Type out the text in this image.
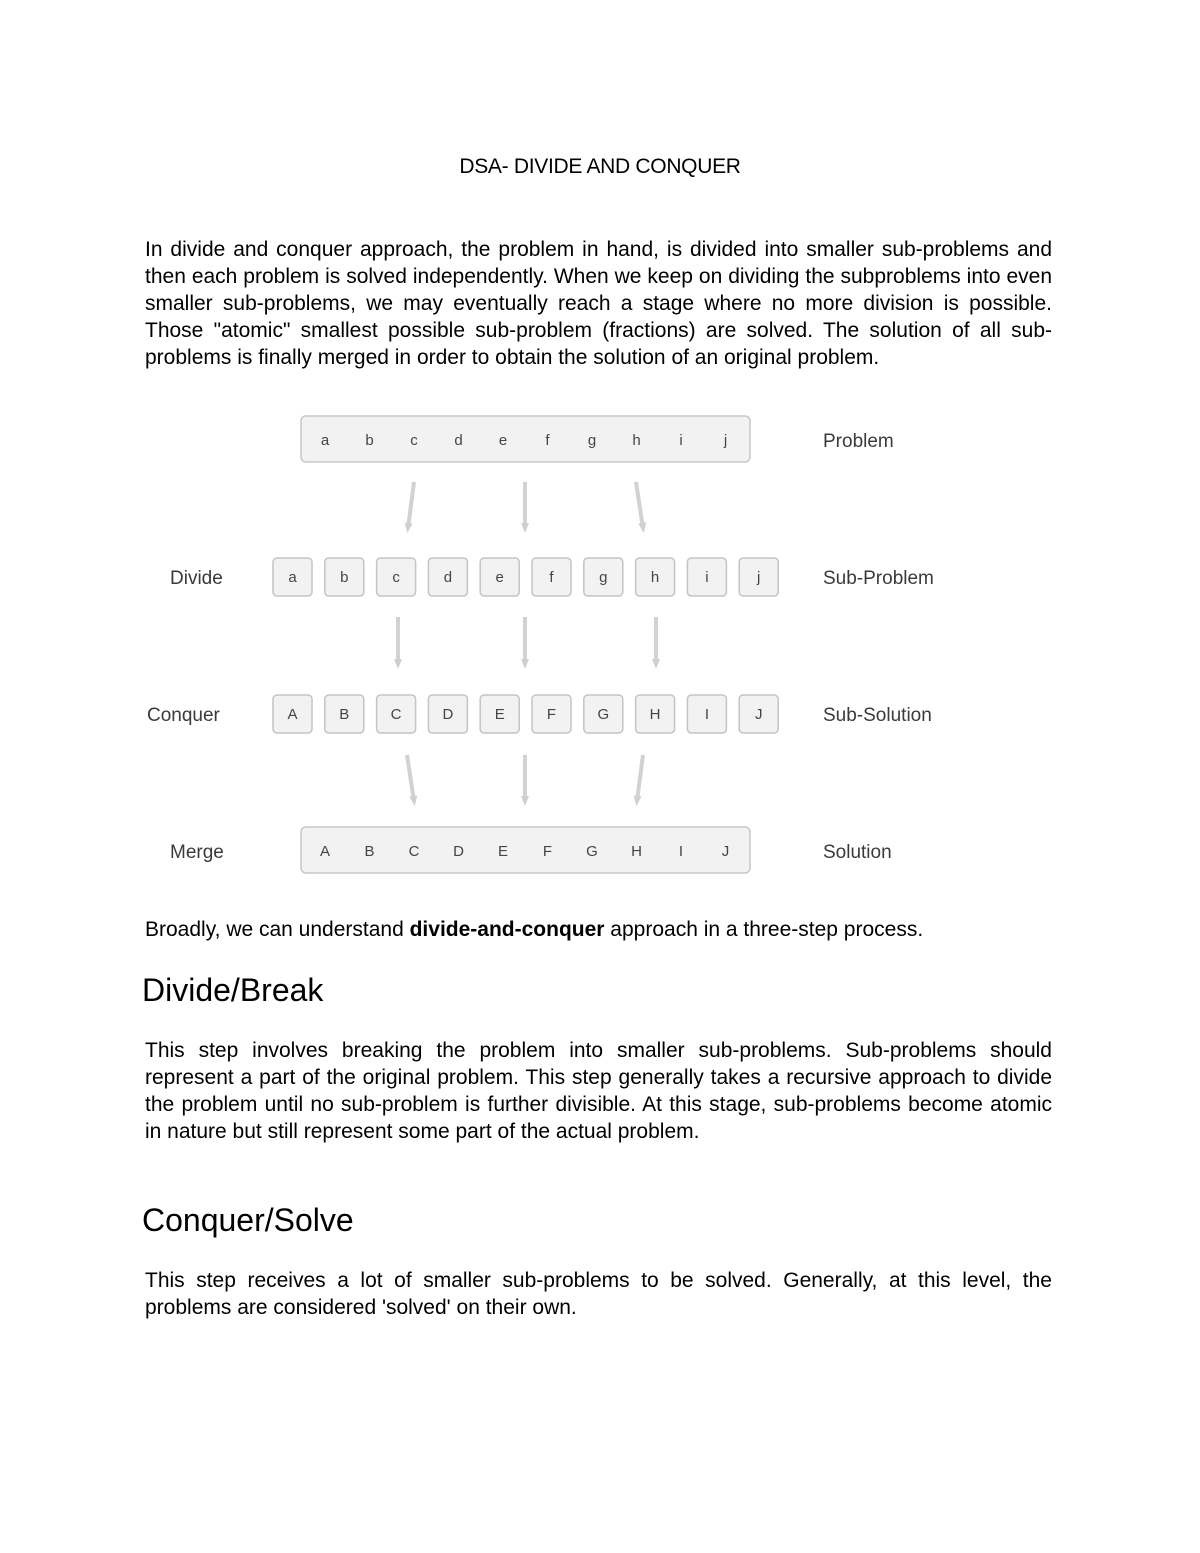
DSA- DIVIDE AND CONQUER

In divide and conquer approach, the problem in hand, is divided into smaller sub-problems and then each problem is solved independently. When we keep on dividing the subproblems into even smaller sub-problems, we may eventually reach a stage where no more division is possible. Those "atomic" smallest possible sub-problem (fractions) are solved. The solution of all sub-problems is finally merged in order to obtain the solution of an original problem.

a b c d e	f	g h	i	j
A B C D E F G H I	J
a	b	c	d	e	f	g	h	i	j
A	B	C	D	E	F	G	H	I	J
Divide
Conquer
Merge
Problem
Sub-Problem
Sub-Solution
Solution

Broadly, we can understand divide-and-conquer approach in a three-step process.

Divide/Break

This step involves breaking the problem into smaller sub-problems. Sub-problems should represent a part of the original problem. This step generally takes a recursive approach to divide the problem until no sub-problem is further divisible. At this stage, sub-problems become atomic in nature but still represent some part of the actual problem.

Conquer/Solve

This step receives a lot of smaller sub-problems to be solved. Generally, at this level, the problems are considered 'solved' on their own.
